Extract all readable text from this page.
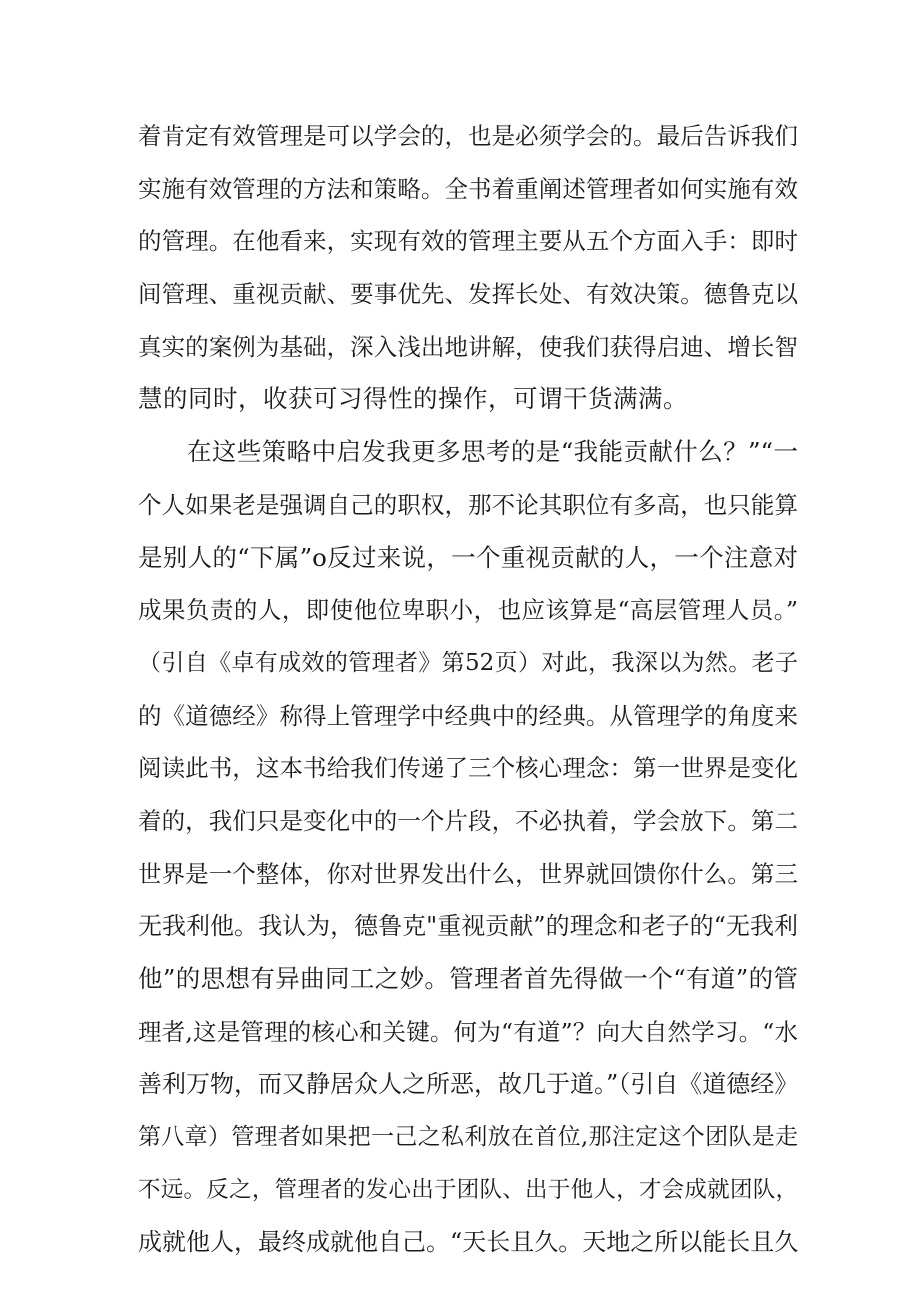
着肯定有效管理是可以学会的，也是必须学会的。最后告诉我们
实施有效管理的方法和策略。全书着重阐述管理者如何实施有效
的管理。在他看来，实现有效的管理主要从五个方面入手：即时
间管理、重视贡献、要事优先、发挥长处、有效决策。德鲁克以
真实的案例为基础，深入浅出地讲解，使我们获得启迪、增长智
慧的同时，收获可习得性的操作，可谓干货满满。
在这些策略中启发我更多思考的是“我能贡献什么？”“一
个人如果老是强调自己的职权，那不论其职位有多高，也只能算
是别人的“下属”o反过来说，一个重视贡献的人，一个注意对
成果负责的人，即使他位卑职小，也应该算是“高层管理人员。”
（引自《卓有成效的管理者》第52页）对此，我深以为然。老子
的《道德经》称得上管理学中经典中的经典。从管理学的角度来
阅读此书，这本书给我们传递了三个核心理念：第一世界是变化
着的，我们只是变化中的一个片段，不必执着，学会放下。第二
世界是一个整体，你对世界发出什么，世界就回馈你什么。第三
无我利他。我认为，德鲁克"重视贡献”的理念和老子的“无我利
他”的思想有异曲同工之妙。管理者首先得做一个“有道”的管
理者,这是管理的核心和关键。何为“有道”？向大自然学习。“水
善利万物，而又静居众人之所恶，故几于道。”（引自《道德经》
第八章）管理者如果把一己之私利放在首位,那注定这个团队是走
不远。反之，管理者的发心出于团队、出于他人，才会成就团队，
成就他人，最终成就他自己。“天长且久。天地之所以能长且久
